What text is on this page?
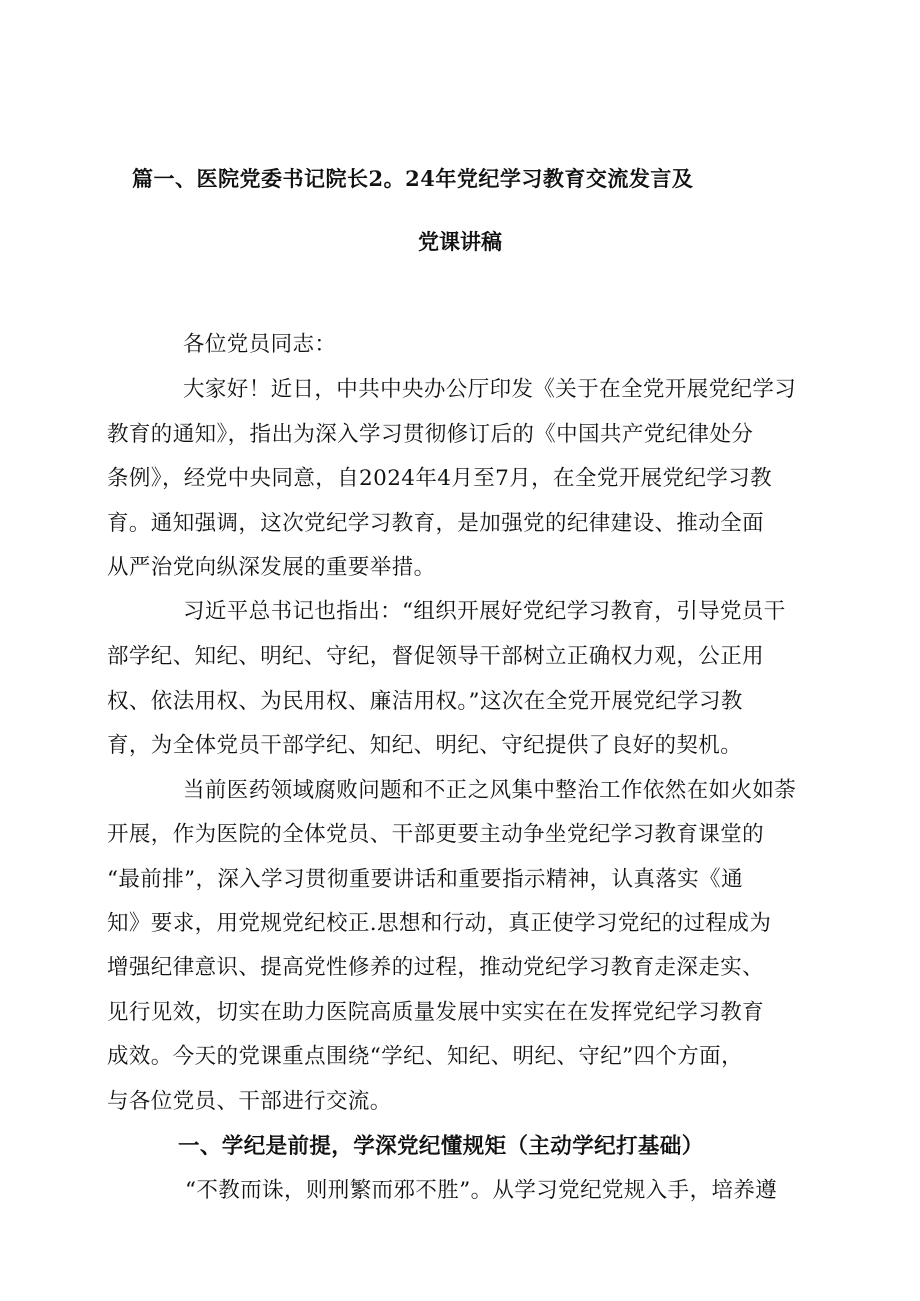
篇一、医院党委书记院长2。24年党纪学习教育交流发言及
党课讲稿
各位党员同志：
大家好！近日，中共中央办公厅印发《关于在全党开展党纪学习
教育的通知》，指出为深入学习贯彻修订后的《中国共产党纪律处分
条例》，经党中央同意，自2024年4月至7月，在全党开展党纪学习教
育。通知强调，这次党纪学习教育，是加强党的纪律建设、推动全面
从严治党向纵深发展的重要举措。
习近平总书记也指出：“组织开展好党纪学习教育，引导党员干
部学纪、知纪、明纪、守纪，督促领导干部树立正确权力观，公正用
权、依法用权、为民用权、廉洁用权。”这次在全党开展党纪学习教
育，为全体党员干部学纪、知纪、明纪、守纪提供了良好的契机。
当前医药领域腐败问题和不正之风集中整治工作依然在如火如荼
开展，作为医院的全体党员、干部更要主动争坐党纪学习教育课堂的
“最前排”，深入学习贯彻重要讲话和重要指示精神，认真落实《通
知》要求，用党规党纪校正.思想和行动，真正使学习党纪的过程成为
增强纪律意识、提高党性修养的过程，推动党纪学习教育走深走实、
见行见效，切实在助力医院高质量发展中实实在在发挥党纪学习教育
成效。今天的党课重点围绕“学纪、知纪、明纪、守纪”四个方面，
与各位党员、干部进行交流。
一、学纪是前提，学深党纪懂规矩（主动学纪打基础）
“不教而诛，则刑繁而邪不胜”。从学习党纪党规入手，培养遵
